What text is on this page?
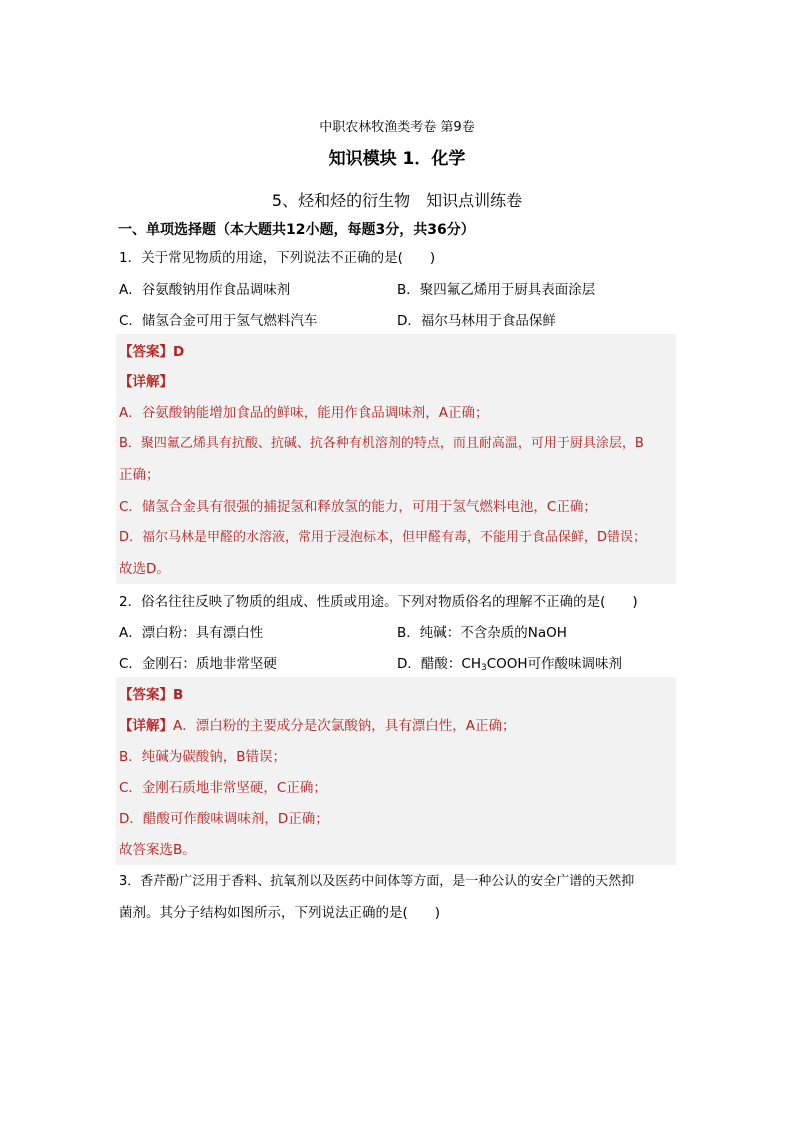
中职农林牧渔类考卷 第9卷
知识模块 1．化学
5、烃和烃的衍生物　知识点训练卷
一、单项选择题（本大题共12小题，每题3分，共36分）
1．关于常见物质的用途，下列说法不正确的是(　　)
A．谷氨酸钠用作食品调味剂	B．聚四氟乙烯用于厨具表面涂层
C．储氢合金可用于氢气燃料汽车	D．福尔马林用于食品保鲜
【答案】D
【详解】
A．谷氨酸钠能增加食品的鲜味，能用作食品调味剂，A正确；
B．聚四氟乙烯具有抗酸、抗碱、抗各种有机溶剂的特点，而且耐高温，可用于厨具涂层，B
正确；
C．储氢合金具有很强的捕捉氢和释放氢的能力，可用于氢气燃料电池，C正确；
D．福尔马林是甲醛的水溶液，常用于浸泡标本，但甲醛有毒，不能用于食品保鲜，D错误；
故选D。
2．俗名往往反映了物质的组成、性质或用途。下列对物质俗名的理解不正确的是(　　)
A．漂白粉：具有漂白性	B．纯碱：不含杂质的NaOH
C．金刚石：质地非常坚硬	D．醋酸：$CH_3COOH$可作酸味调味剂
【答案】B
【详解】A．漂白粉的主要成分是次氯酸钠，具有漂白性，A正确；
B．纯碱为碳酸钠，B错误；
C．金刚石质地非常坚硬，C正确；
D．醋酸可作酸味调味剂，D正确；
故答案选B。
3．香芹酚广泛用于香料、抗氧剂以及医药中间体等方面，是一种公认的安全广谱的天然抑
菌剂。其分子结构如图所示，下列说法正确的是(　　)
